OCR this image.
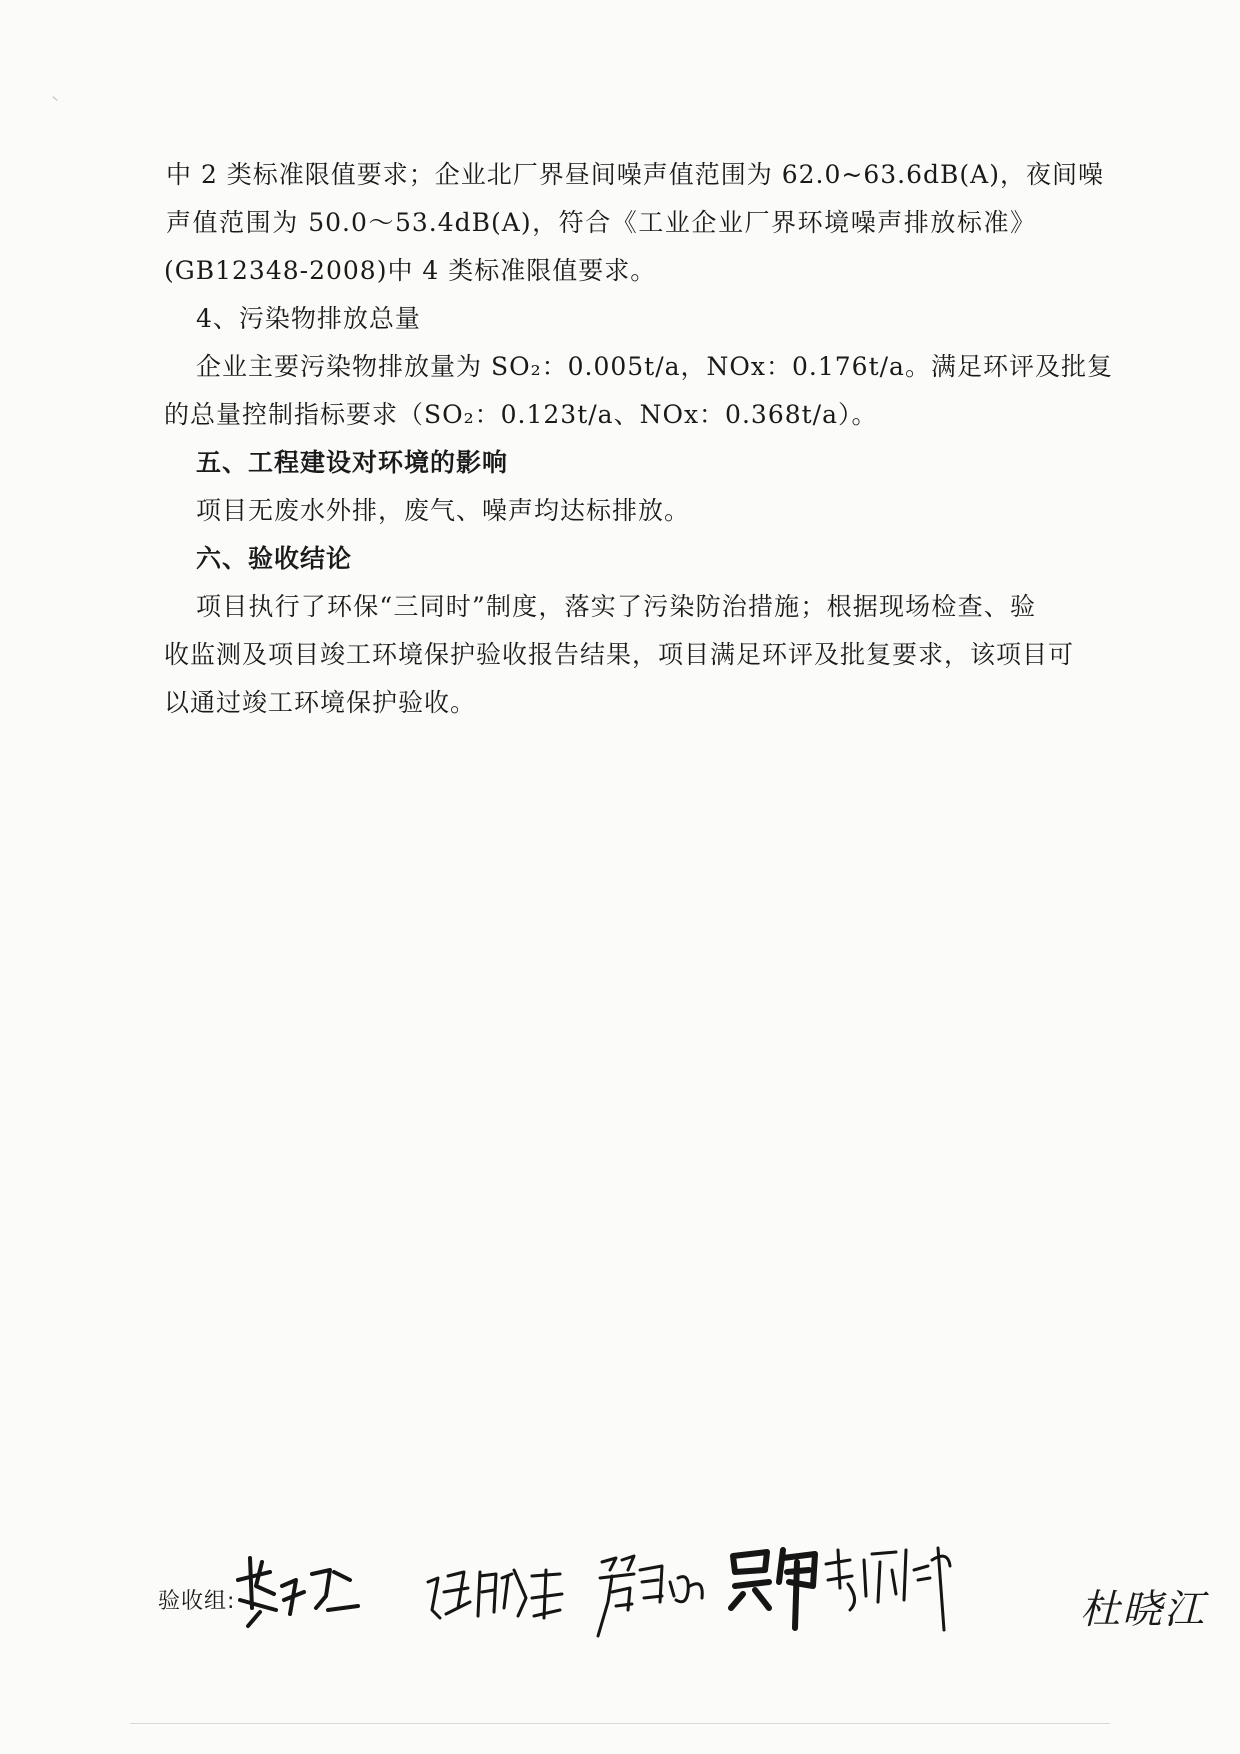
中 2 类标准限值要求；企业北厂界昼间噪声值范围为 62.0~63.6dB(A)，夜间噪
声值范围为 50.0～53.4dB(A)，符合《工业企业厂界环境噪声排放标准》
(GB12348-2008)中 4 类标准限值要求。
4、污染物排放总量
企业主要污染物排放量为 SO₂：0.005t/a，NOx：0.176t/a。满足环评及批复
的总量控制指标要求（SO₂：0.123t/a、NOx：0.368t/a）。
五、工程建设对环境的影响
项目无废水外排，废气、噪声均达标排放。
六、验收结论
项目执行了环保“三同时”制度，落实了污染防治措施；根据现场检查、验
收监测及项目竣工环境保护验收报告结果，项目满足环评及批复要求，该项目可
以通过竣工环境保护验收。
验收组:	杜晓江
